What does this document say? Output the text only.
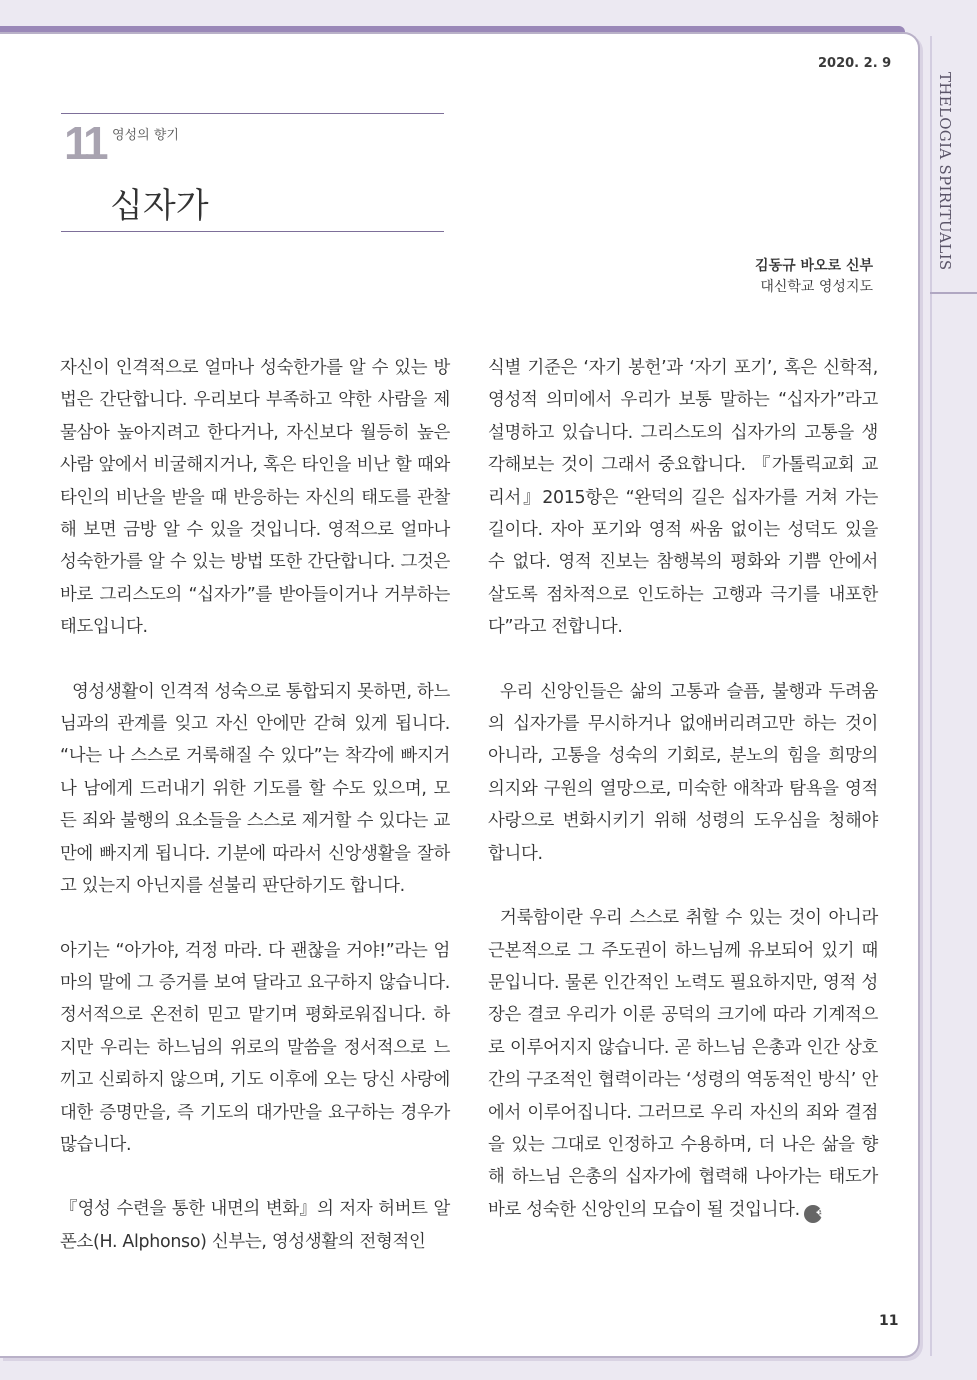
THELOGIA SPIRITUALIS
2020. 2. 9
11 영성의 향기
십자가
김동규 바오로 신부
대신학교 영성지도

자신이 인격적으로 얼마나 성숙한가를 알 수 있는 방법은 간단합니다. 우리보다 부족하고 약한 사람을 제물삼아 높아지려고 한다거나, 자신보다 월등히 높은 사람 앞에서 비굴해지거나, 혹은 타인을 비난 할 때와 타인의 비난을 받을 때 반응하는 자신의 태도를 관찰해 보면 금방 알 수 있을 것입니다. 영적으로 얼마나 성숙한가를 알 수 있는 방법 또한 간단합니다. 그것은 바로 그리스도의 “십자가”를 받아들이거나 거부하는 태도입니다.

영성생활이 인격적 성숙으로 통합되지 못하면, 하느님과의 관계를 잊고 자신 안에만 갇혀 있게 됩니다. “나는 나 스스로 거룩해질 수 있다”는 착각에 빠지거나 남에게 드러내기 위한 기도를 할 수도 있으며, 모든 죄와 불행의 요소들을 스스로 제거할 수 있다는 교만에 빠지게 됩니다. 기분에 따라서 신앙생활을 잘하고 있는지 아닌지를 섣불리 판단하기도 합니다.

아기는 “아가야, 걱정 마라. 다 괜찮을 거야!”라는 엄마의 말에 그 증거를 보여 달라고 요구하지 않습니다. 정서적으로 온전히 믿고 맡기며 평화로워집니다. 하지만 우리는 하느님의 위로의 말씀을 정서적으로 느끼고 신뢰하지 않으며, 기도 이후에 오는 당신 사랑에 대한 증명만을, 즉 기도의 대가만을 요구하는 경우가 많습니다.

『영성 수련을 통한 내면의 변화』의 저자 허버트 알폰소(H. Alphonso) 신부는, 영성생활의 전형적인

식별 기준은 ‘자기 봉헌’과 ‘자기 포기’, 혹은 신학적, 영성적 의미에서 우리가 보통 말하는 “십자가”라고 설명하고 있습니다. 그리스도의 십자가의 고통을 생각해보는 것이 그래서 중요합니다. 『가톨릭교회 교리서』2015항은 “완덕의 길은 십자가를 거쳐 가는 길이다. 자아 포기와 영적 싸움 없이는 성덕도 있을 수 없다. 영적 진보는 참행복의 평화와 기쁨 안에서 살도록 점차적으로 인도하는 고행과 극기를 내포한다”라고 전합니다.

우리 신앙인들은 삶의 고통과 슬픔, 불행과 두려움의 십자가를 무시하거나 없애버리려고만 하는 것이 아니라, 고통을 성숙의 기회로, 분노의 힘을 희망의 의지와 구원의 열망으로, 미숙한 애착과 탐욕을 영적 사랑으로 변화시키기 위해 성령의 도우심을 청해야 합니다.

거룩함이란 우리 스스로 취할 수 있는 것이 아니라 근본적으로 그 주도권이 하느님께 유보되어 있기 때문입니다. 물론 인간적인 노력도 필요하지만, 영적 성장은 결코 우리가 이룬 공덕의 크기에 따라 기계적으로 이루어지지 않습니다. 곧 하느님 은총과 인간 상호간의 구조적인 협력이라는 ‘성령의 역동적인 방식’ 안에서 이루어집니다. 그러므로 우리 자신의 죄와 결점을 있는 그대로 인정하고 수용하며, 더 나은 삶을 향해 하느님 은총의 십자가에 협력해 나아가는 태도가 바로 성숙한 신앙인의 모습이 될 것입니다. ✥

11
